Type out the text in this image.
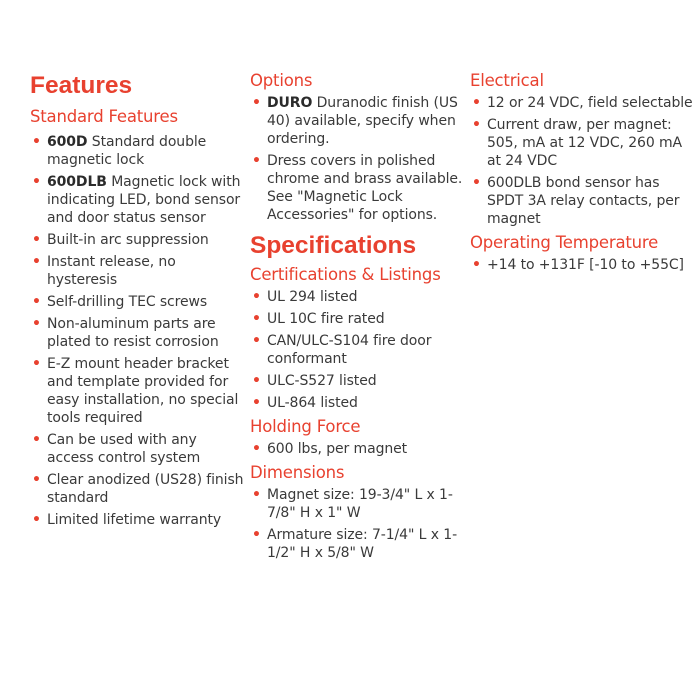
Features
Standard Features
• 600D Standard double magnetic lock
• 600DLB Magnetic lock with indicating LED, bond sensor and door status sensor
• Built-in arc suppression
• Instant release, no hysteresis
• Self-drilling TEC screws
• Non-aluminum parts are plated to resist corrosion
• E-Z mount header bracket and template provided for easy installation, no special tools required
• Can be used with any access control system
• Clear anodized (US28) finish standard
• Limited lifetime warranty
Options
• DURO Duranodic finish (US 40) available, specify when ordering.
• Dress covers in polished chrome and brass available. See "Magnetic Lock Accessories" for options.
Specifications
Certifications & Listings
• UL 294 listed
• UL 10C fire rated
• CAN/ULC-S104 fire door conformant
• ULC-S527 listed
• UL-864 listed
Holding Force
• 600 lbs, per magnet
Dimensions
• Magnet size: 19-3/4" L x 1-7/8" H x 1" W
• Armature size: 7-1/4" L x 1-1/2" H x 5/8" W
Electrical
• 12 or 24 VDC, field selectable
• Current draw, per magnet: 505, mA at 12 VDC, 260 mA at 24 VDC
• 600DLB bond sensor has SPDT 3A relay contacts, per magnet
Operating Temperature
• +14 to +131F [-10 to +55C]
